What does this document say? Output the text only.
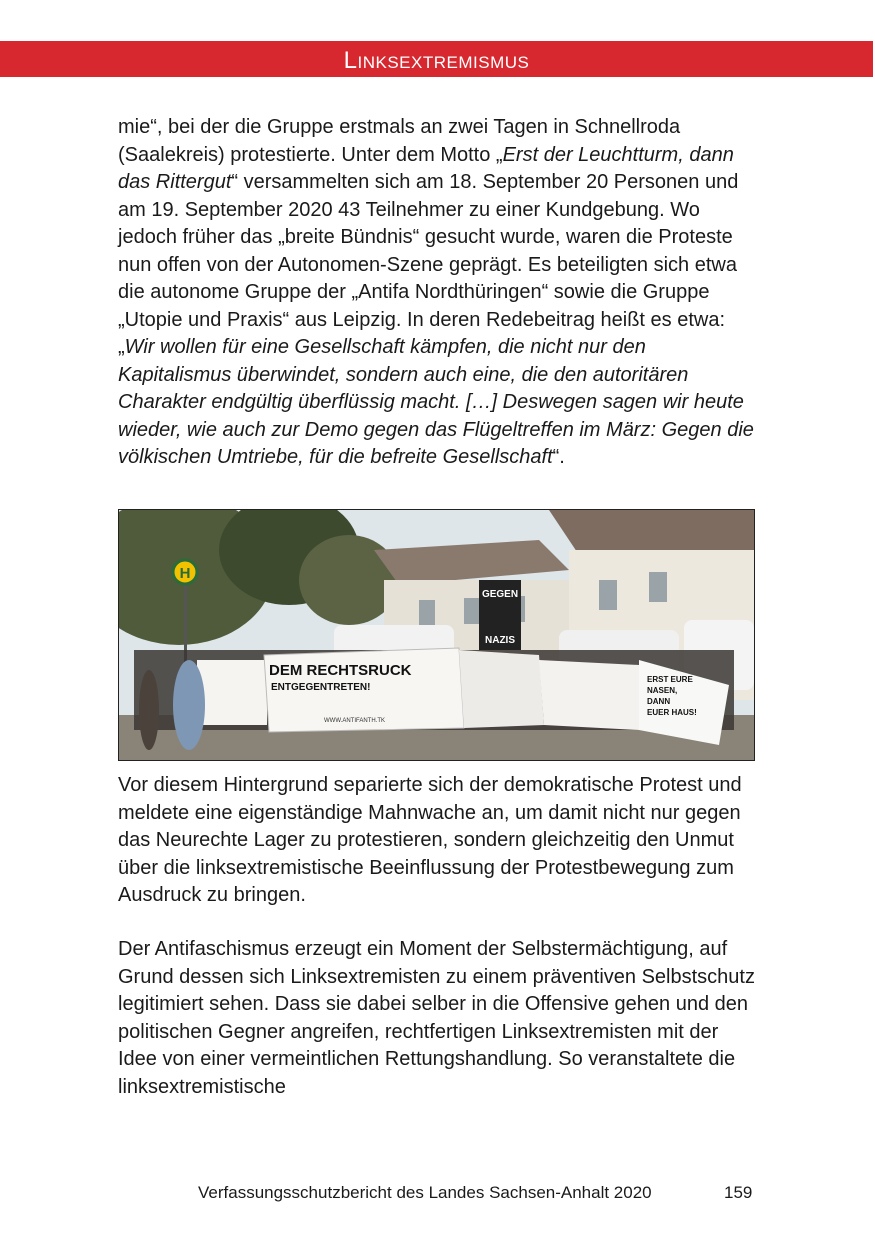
Linksextremismus

mie“, bei der die Gruppe erstmals an zwei Tagen in Schnellroda (Saalekreis) protestierte. Unter dem Motto „Erst der Leuchtturm, dann das Rittergut“ versammelten sich am 18. September 20 Personen und am 19. September 2020 43 Teilnehmer zu einer Kundgebung. Wo jedoch früher das „breite Bündnis“ gesucht wurde, waren die Proteste nun offen von der Autonomen-Szene geprägt. Es beteiligten sich etwa die autonome Gruppe der „Antifa Nordthüringen“ sowie die Gruppe „Utopie und Praxis“ aus Leipzig. In deren Redebeitrag heißt es etwa: „Wir wollen für eine Gesellschaft kämpfen, die nicht nur den Kapitalismus überwindet, sondern auch eine, die den autoritären Charakter endgültig überflüssig macht. […] Deswegen sagen wir heute wieder, wie auch zur Demo gegen das Flügeltreffen im März: Gegen die völkischen Umtriebe, für die befreite Gesellschaft“.

H
GEGEN
NAZIS
DEM RECHTSRUCK
ENTGEGENTRETEN!
WWW.ANTIFANTH.TK
ERST EURE
NASEN,
DANN
EUER HAUS!

Vor diesem Hintergrund separierte sich der demokratische Protest und meldete eine eigenständige Mahnwache an, um damit nicht nur gegen das Neurechte Lager zu protestieren, sondern gleichzeitig den Unmut über die linksextremistische Beeinflussung der Protestbewegung zum Ausdruck zu bringen.

Der Antifaschismus erzeugt ein Moment der Selbstermächtigung, auf Grund dessen sich Linksextremisten zu einem präventiven Selbstschutz legitimiert sehen. Dass sie dabei selber in die Offensive gehen und den politischen Gegner angreifen, rechtfertigen Linksextremisten mit der Idee von einer vermeintlichen Rettungshandlung. So veranstaltete die linksextremistische

Verfassungsschutzbericht des Landes Sachsen-Anhalt 2020	159
